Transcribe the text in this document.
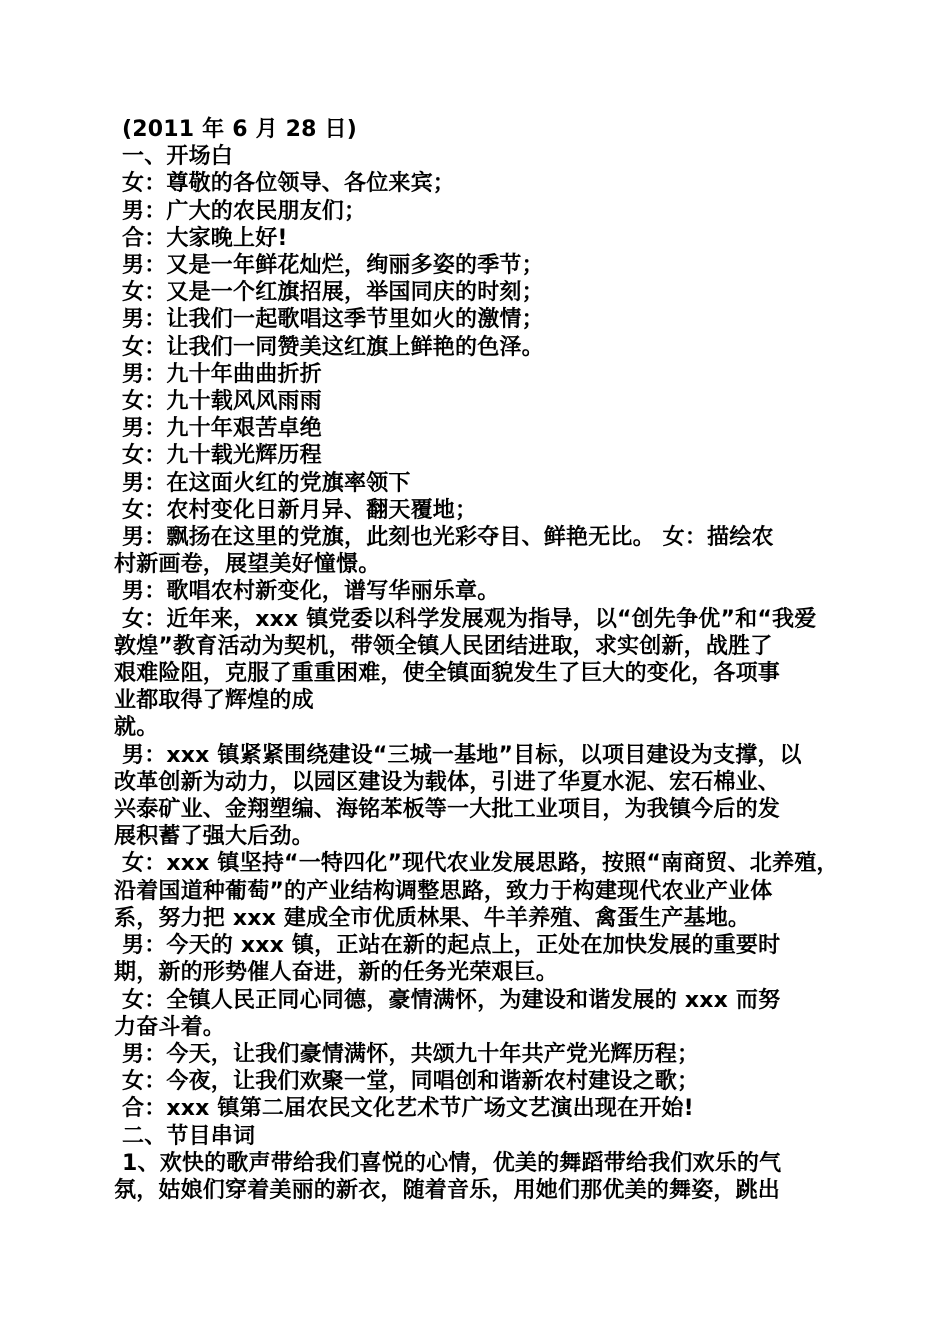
(2011 年 6 月 28 日)
一、开场白
女：尊敬的各位领导、各位来宾；
男：广大的农民朋友们；
合：大家晚上好!
男：又是一年鲜花灿烂，绚丽多姿的季节；
女：又是一个红旗招展，举国同庆的时刻；
男：让我们一起歌唱这季节里如火的激情；
女：让我们一同赞美这红旗上鲜艳的色泽。
男：九十年曲曲折折
女：九十载风风雨雨
男：九十年艰苦卓绝
女：九十载光辉历程
男：在这面火红的党旗率领下
女：农村变化日新月异、翻天覆地；
男：飘扬在这里的党旗，此刻也光彩夺目、鲜艳无比。 女：描绘农
村新画卷，展望美好憧憬。
男：歌唱农村新变化，谱写华丽乐章。
女：近年来，xxx 镇党委以科学发展观为指导，以“创先争优”和“我爱
敦煌”教育活动为契机，带领全镇人民团结进取，求实创新，战胜了
艰难险阻，克服了重重困难，使全镇面貌发生了巨大的变化，各项事
业都取得了辉煌的成
就。
男：xxx 镇紧紧围绕建设“三城一基地”目标，以项目建设为支撑，以
改革创新为动力，以园区建设为载体，引进了华夏水泥、宏石棉业、
兴泰矿业、金翔塑编、海铭苯板等一大批工业项目，为我镇今后的发
展积蓄了强大后劲。
女：xxx 镇坚持“一特四化”现代农业发展思路，按照“南商贸、北养殖，
沿着国道种葡萄”的产业结构调整思路，致力于构建现代农业产业体
系，努力把 xxx 建成全市优质林果、牛羊养殖、禽蛋生产基地。
男：今天的 xxx 镇，正站在新的起点上，正处在加快发展的重要时
期，新的形势催人奋进，新的任务光荣艰巨。
女：全镇人民正同心同德，豪情满怀，为建设和谐发展的 xxx 而努
力奋斗着。
男：今天，让我们豪情满怀，共颂九十年共产党光辉历程；
女：今夜，让我们欢聚一堂，同唱创和谐新农村建设之歌；
合：xxx 镇第二届农民文化艺术节广场文艺演出现在开始!
二、节目串词
1、欢快的歌声带给我们喜悦的心情，优美的舞蹈带给我们欢乐的气
氛，姑娘们穿着美丽的新衣，随着音乐，用她们那优美的舞姿，跳出
